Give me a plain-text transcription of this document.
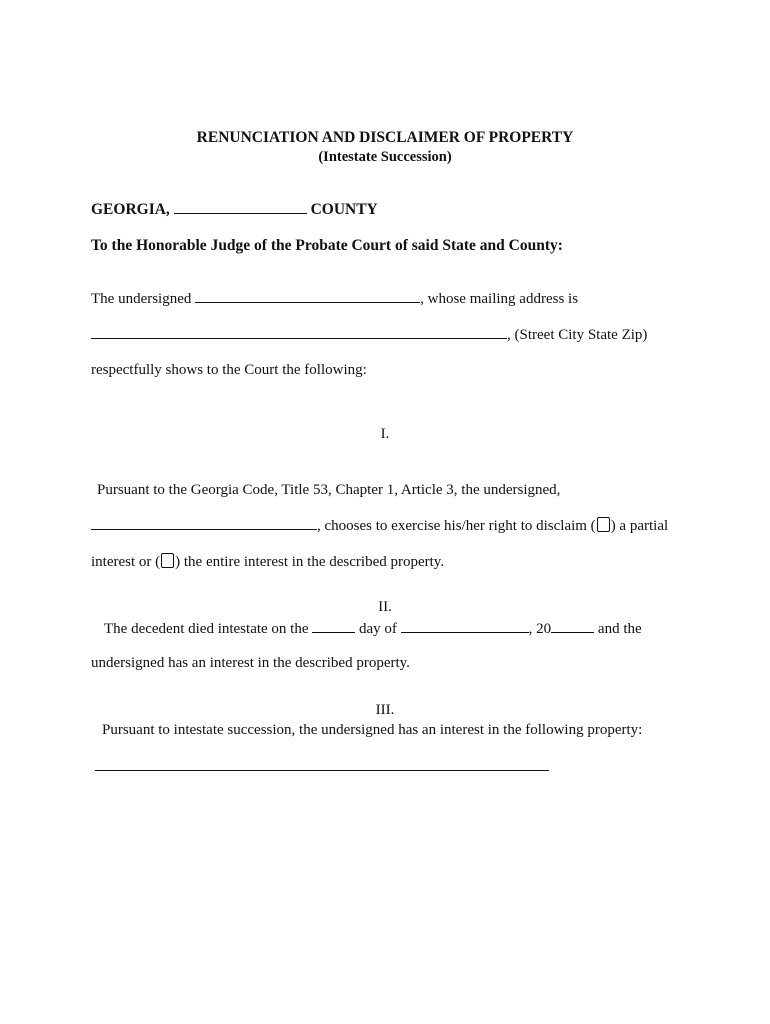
RENUNCIATION AND DISCLAIMER OF PROPERTY
(Intestate Succession)
GEORGIA,	COUNTY
To the Honorable Judge of the Probate Court of said State and County:
The undersigned	, whose mailing address is
, (Street City State Zip)
respectfully shows to the Court the following:
I.
Pursuant to the Georgia Code, Title 53, Chapter 1, Article 3, the undersigned,
, chooses to exercise his/her right to disclaim ( ) a partial
interest or ( ) the entire interest in the described property.
II.
The decedent died intestate on the	day of	, 20	and the
undersigned has an interest in the described property.
III.
Pursuant to intestate succession, the undersigned has an interest in the following property:
